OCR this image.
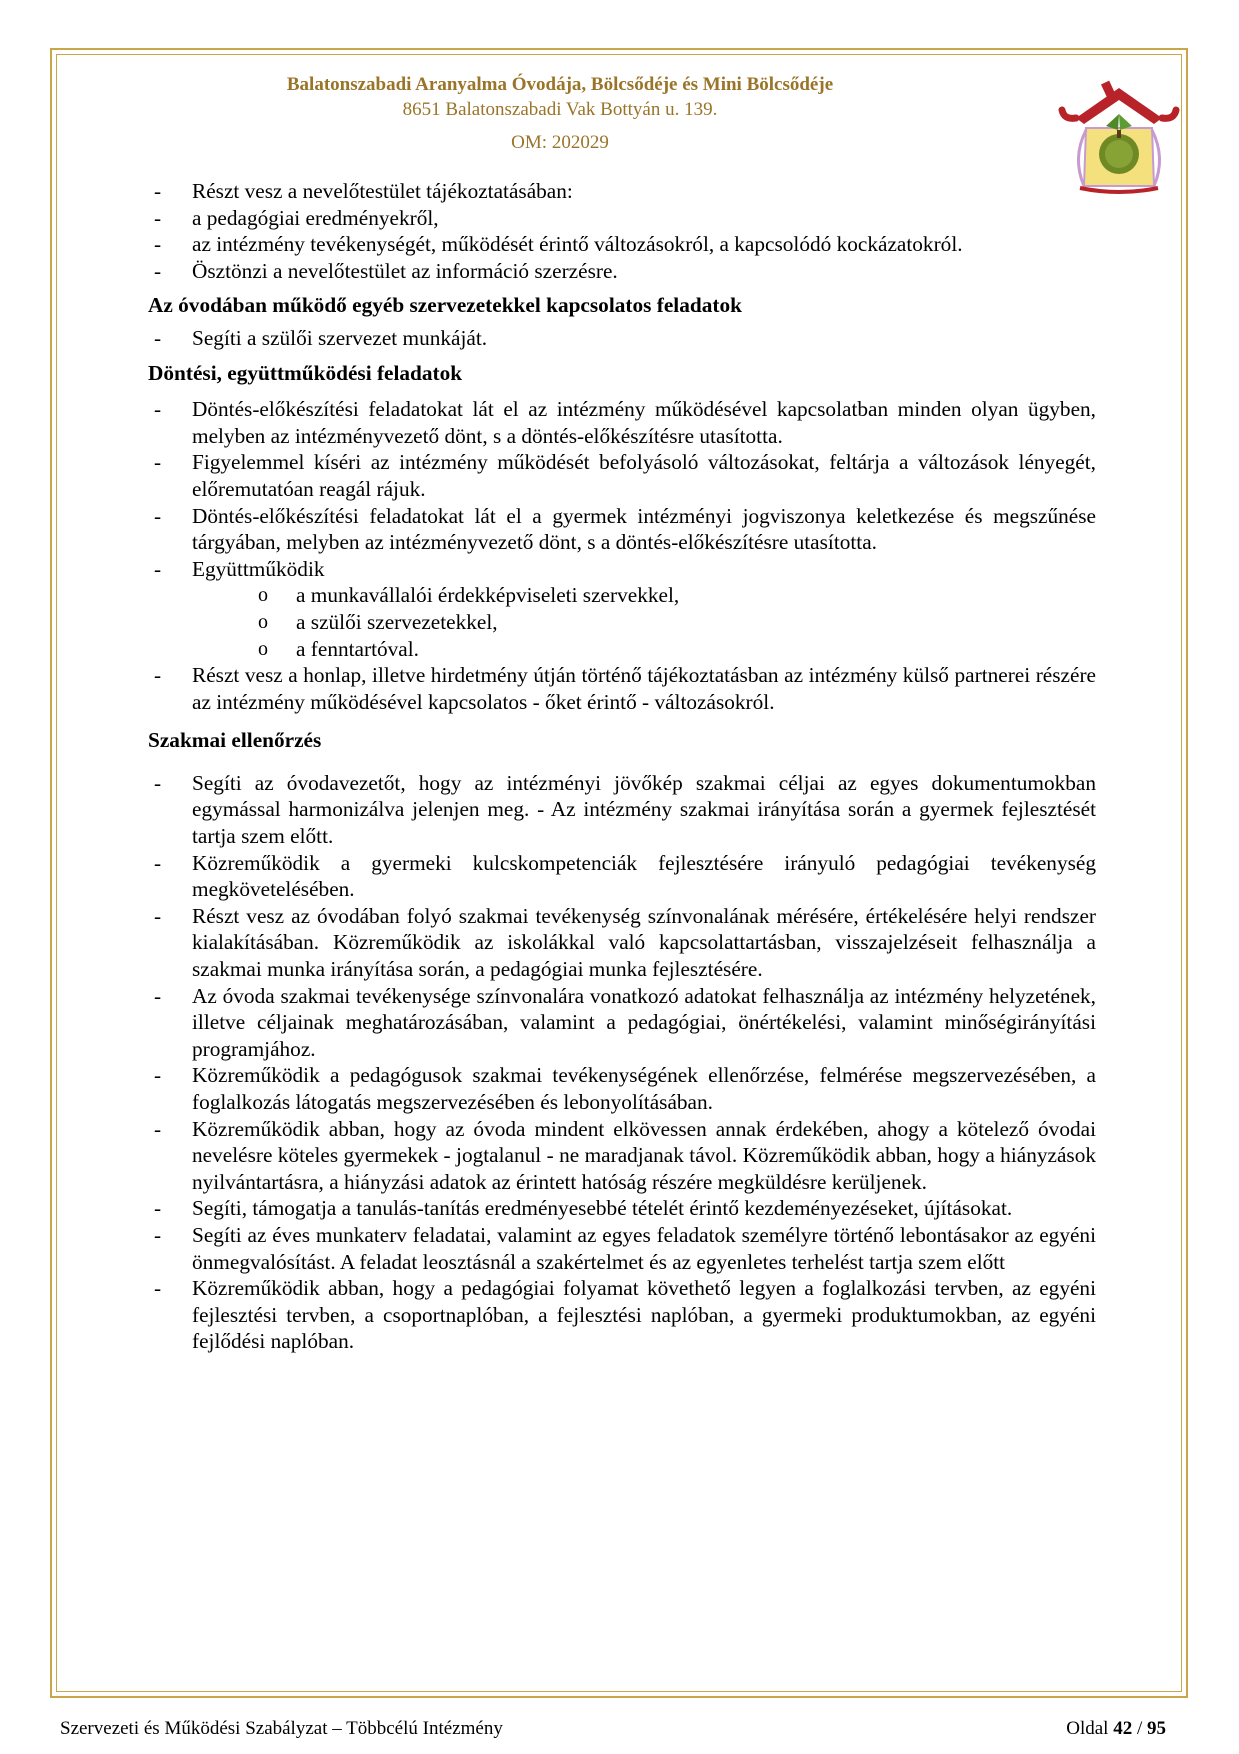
Balatonszabadi Aranyalma Óvodája, Bölcsődéje és Mini Bölcsődéje
8651 Balatonszabadi Vak Bottyán u. 139.
OM: 202029
-	Részt vesz a nevelőtestület tájékoztatásában:
-	a pedagógiai eredményekről,
-	az intézmény tevékenységét, működését érintő változásokról, a kapcsolódó kockázatokról.
-	Ösztönzi a nevelőtestület az információ szerzésre.
Az óvodában működő egyéb szervezetekkel kapcsolatos feladatok
-	Segíti a szülői szervezet munkáját.
Döntési, együttműködési feladatok
-	Döntés-előkészítési feladatokat lát el az intézmény működésével kapcsolatban minden olyan ügyben, melyben az intézményvezető dönt, s a döntés-előkészítésre utasította.
-	Figyelemmel kíséri az intézmény működését befolyásoló változásokat, feltárja a változások lényegét, előremutatóan reagál rájuk.
-	Döntés-előkészítési feladatokat lát el a gyermek intézményi jogviszonya keletkezése és megszűnése tárgyában, melyben az intézményvezető dönt, s a döntés-előkészítésre utasította.
-	Együttműködik
o	a munkavállalói érdekképviseleti szervekkel,
o	a szülői szervezetekkel,
o	a fenntartóval.
-	Részt vesz a honlap, illetve hirdetmény útján történő tájékoztatásban az intézmény külső partnerei részére az intézmény működésével kapcsolatos - őket érintő - változásokról.
Szakmai ellenőrzés
-	Segíti az óvodavezetőt, hogy az intézményi jövőkép szakmai céljai az egyes dokumentumokban egymással harmonizálva jelenjen meg. - Az intézmény szakmai irányítása során a gyermek fejlesztését tartja szem előtt.
-	Közreműködik a gyermeki kulcskompetenciák fejlesztésére irányuló pedagógiai tevékenység megkövetelésében.
-	Részt vesz az óvodában folyó szakmai tevékenység színvonalának mérésére, értékelésére helyi rendszer kialakításában. Közreműködik az iskolákkal való kapcsolattartásban, visszajelzéseit felhasználja a szakmai munka irányítása során, a pedagógiai munka fejlesztésére.
-	Az óvoda szakmai tevékenysége színvonalára vonatkozó adatokat felhasználja az intézmény helyzetének, illetve céljainak meghatározásában, valamint a pedagógiai, önértékelési, valamint minőségirányítási programjához.
-	Közreműködik a pedagógusok szakmai tevékenységének ellenőrzése, felmérése megszervezésében, a foglalkozás látogatás megszervezésében és lebonyolításában.
-	Közreműködik abban, hogy az óvoda mindent elkövessen annak érdekében, ahogy a kötelező óvodai nevelésre köteles gyermekek - jogtalanul - ne maradjanak távol. Közreműködik abban, hogy a hiányzások nyilvántartásra, a hiányzási adatok az érintett hatóság részére megküldésre kerüljenek.
-	Segíti, támogatja a tanulás-tanítás eredményesebbé tételét érintő kezdeményezéseket, újításokat.
-	Segíti az éves munkaterv feladatai, valamint az egyes feladatok személyre történő lebontásakor az egyéni önmegvalósítást. A feladat leosztásnál a szakértelmet és az egyenletes terhelést tartja szem előtt
-	Közreműködik abban, hogy a pedagógiai folyamat követhető legyen a foglalkozási tervben, az egyéni fejlesztési tervben, a csoportnaplóban, a fejlesztési naplóban, a gyermeki produktumokban, az egyéni fejlődési naplóban.
Szervezeti és Működési Szabályzat – Többcélú Intézmény	Oldal 42 / 95
